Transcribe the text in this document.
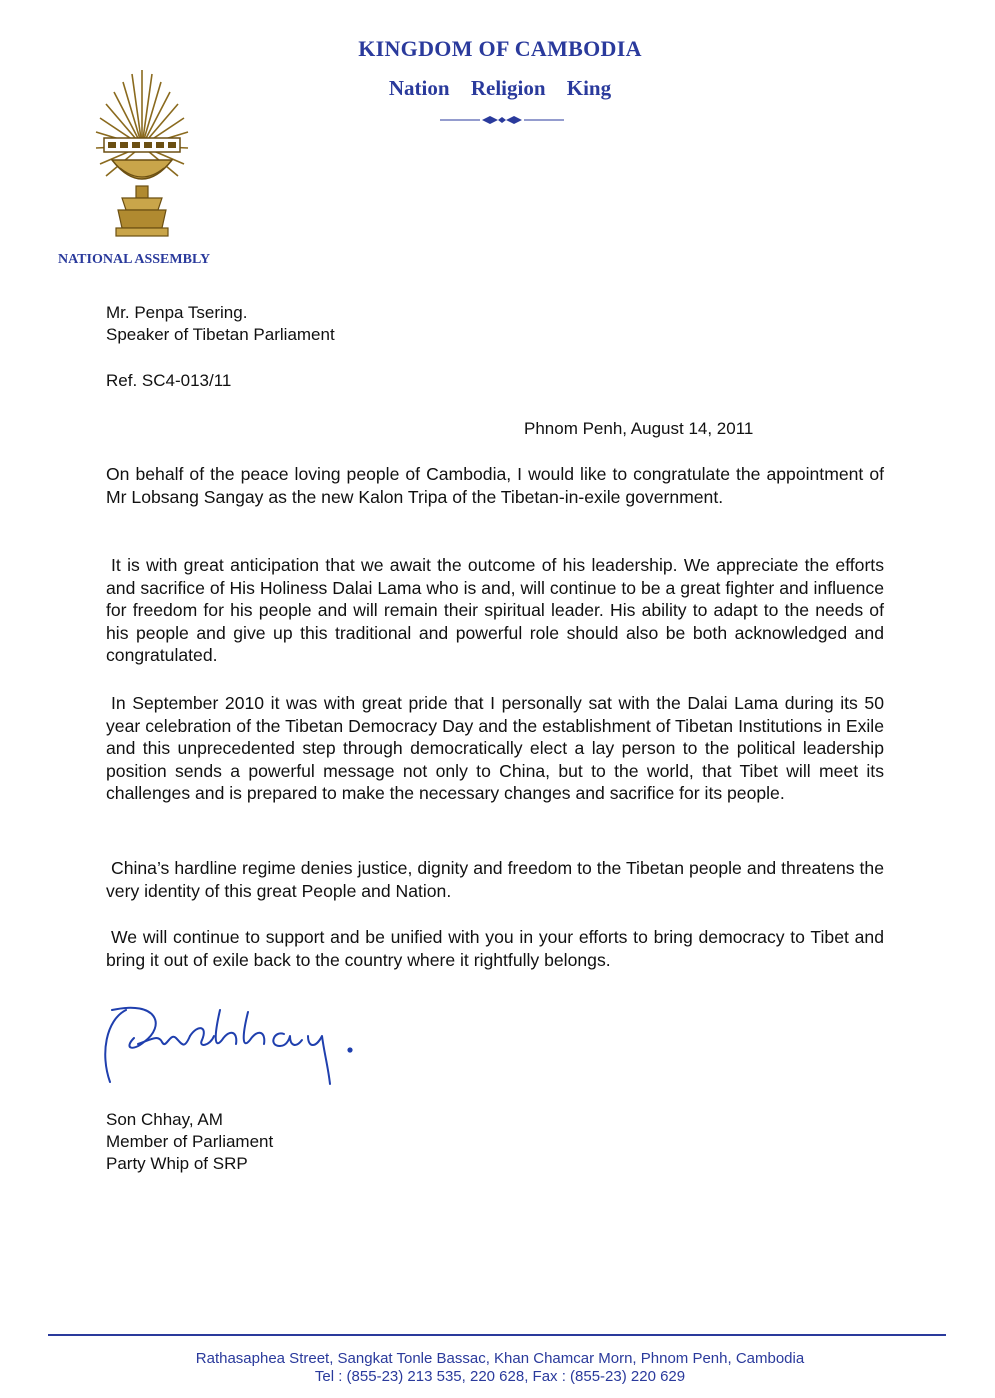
KINGDOM OF CAMBODIA
Nation Religion King
NATIONAL ASSEMBLY
Mr. Penpa Tsering.
Speaker of Tibetan Parliament
Ref. SC4-013/11
Phnom Penh, August 14, 2011
On behalf of the peace loving people of Cambodia, I would like to congratulate the appointment of Mr Lobsang Sangay as the new Kalon Tripa of the Tibetan-in-exile government.
It is with great anticipation that we await the outcome of his leadership. We appreciate the efforts and sacrifice of His Holiness Dalai Lama who is and, will continue to be a great fighter and influence for freedom for his people and will remain their spiritual leader. His ability to adapt to the needs of his people and give up this traditional and powerful role should also be both acknowledged and congratulated.
In September 2010 it was with great pride that I personally sat with the Dalai Lama during its 50 year celebration of the Tibetan Democracy Day and the establishment of Tibetan Institutions in Exile and this unprecedented step through democratically elect a lay person to the political leadership position sends a powerful message not only to China, but to the world, that Tibet will meet its challenges and is prepared to make the necessary changes and sacrifice for its people.
China’s hardline regime denies justice, dignity and freedom to the Tibetan people and threatens the very identity of this great People and Nation.
We will continue to support and be unified with you in your efforts to bring democracy to Tibet and bring it out of exile back to the country where it rightfully belongs.
Son Chhay, AM
Member of Parliament
Party Whip of SRP
Rathasaphea Street, Sangkat Tonle Bassac, Khan Chamcar Morn, Phnom Penh, Cambodia
Tel : (855-23) 213 535, 220 628, Fax : (855-23) 220 629
